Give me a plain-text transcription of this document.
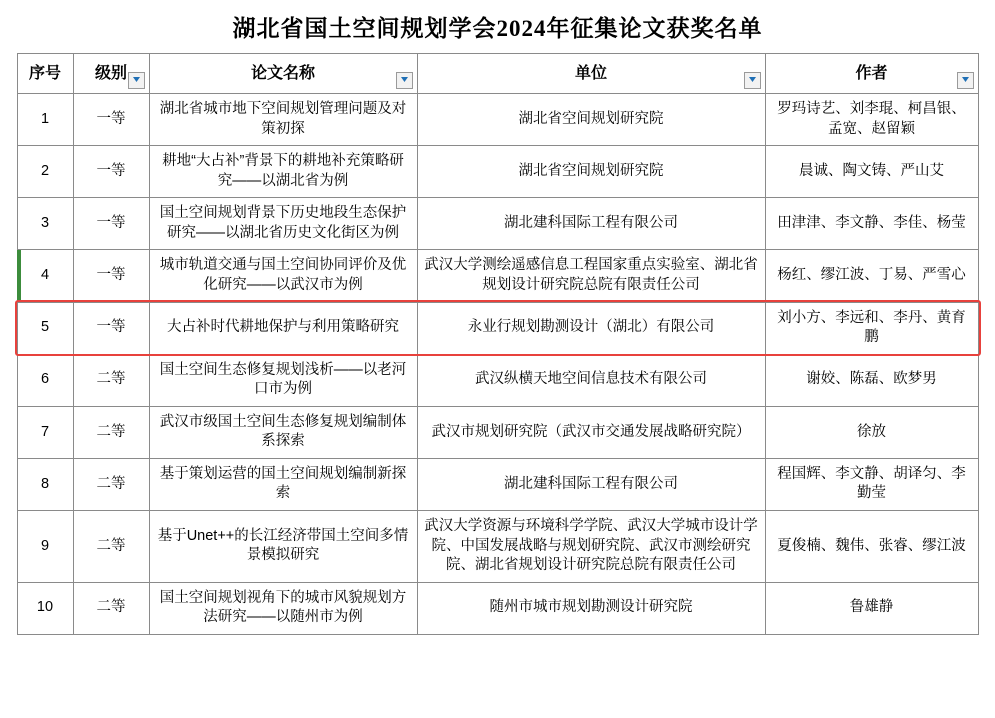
湖北省国土空间规划学会2024年征集论文获奖名单
序号	级别	论文名称	单位	作者

1	一等	湖北省城市地下空间规划管理问题及对策初探	湖北省空间规划研究院	罗玛诗艺、刘李琨、柯昌银、孟宽、赵留颖
2	一等	耕地“大占补”背景下的耕地补充策略研究——以湖北省为例	湖北省空间规划研究院	晨诚、陶文铸、严山艾
3	一等	国土空间规划背景下历史地段生态保护研究——以湖北省历史文化街区为例	湖北建科国际工程有限公司	田津津、李文静、李佳、杨莹
4	一等	城市轨道交通与国土空间协同评价及优化研究——以武汉市为例	武汉大学测绘遥感信息工程国家重点实验室、湖北省规划设计研究院总院有限责任公司	杨红、缪江波、丁易、严雪心
5	一等	大占补时代耕地保护与利用策略研究	永业行规划勘测设计（湖北）有限公司	刘小方、李远和、李丹、黄育鹏
6	二等	国土空间生态修复规划浅析——以老河口市为例	武汉纵横天地空间信息技术有限公司	谢姣、陈磊、欧梦男
7	二等	武汉市级国土空间生态修复规划编制体系探索	武汉市规划研究院（武汉市交通发展战略研究院）	徐放
8	二等	基于策划运营的国土空间规划编制新探索	湖北建科国际工程有限公司	程国辉、李文静、胡译匀、李勤莹
9	二等	基于Unet++的长江经济带国土空间多情景模拟研究	武汉大学资源与环境科学学院、武汉大学城市设计学院、中国发展战略与规划研究院、武汉市测绘研究院、湖北省规划设计研究院总院有限责任公司	夏俊楠、魏伟、张睿、缪江波
10	二等	国土空间规划视角下的城市风貌规划方法研究——以随州市为例	随州市城市规划勘测设计研究院	鲁雄静
